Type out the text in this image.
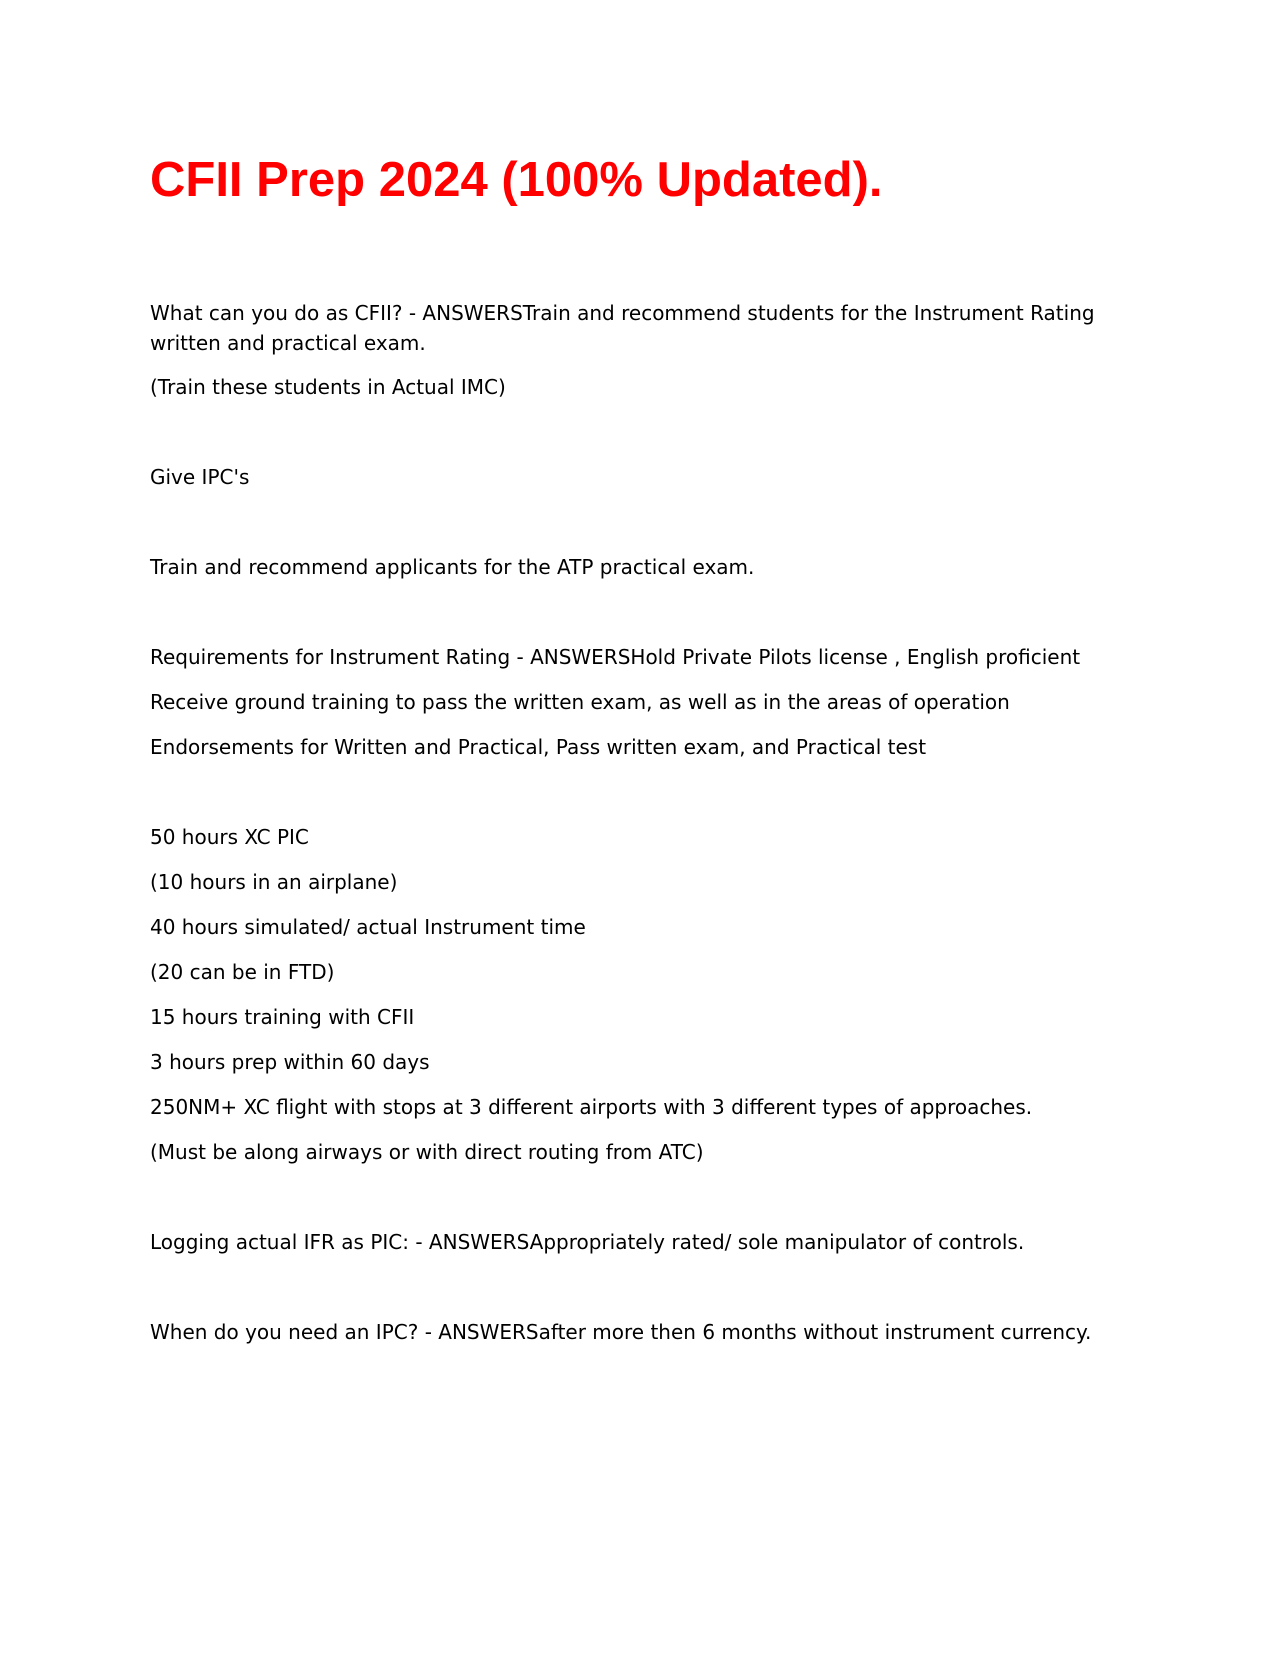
CFII Prep 2024 (100% Updated).

What can you do as CFII? - ANSWERSTrain and recommend students for the Instrument Rating written and practical exam.

(Train these students in Actual IMC)

Give IPC's

Train and recommend applicants for the ATP practical exam.

Requirements for Instrument Rating - ANSWERSHold Private Pilots license , English proficient

Receive ground training to pass the written exam, as well as in the areas of operation

Endorsements for Written and Practical, Pass written exam, and Practical test

50 hours XC PIC

(10 hours in an airplane)

40 hours simulated/ actual Instrument time

(20 can be in FTD)

15 hours training with CFII

3 hours prep within 60 days

250NM+ XC flight with stops at 3 different airports with 3 different types of approaches.

(Must be along airways or with direct routing from ATC)

Logging actual IFR as PIC: - ANSWERSAppropriately rated/ sole manipulator of controls.

When do you need an IPC? - ANSWERSafter more then 6 months without instrument currency.
